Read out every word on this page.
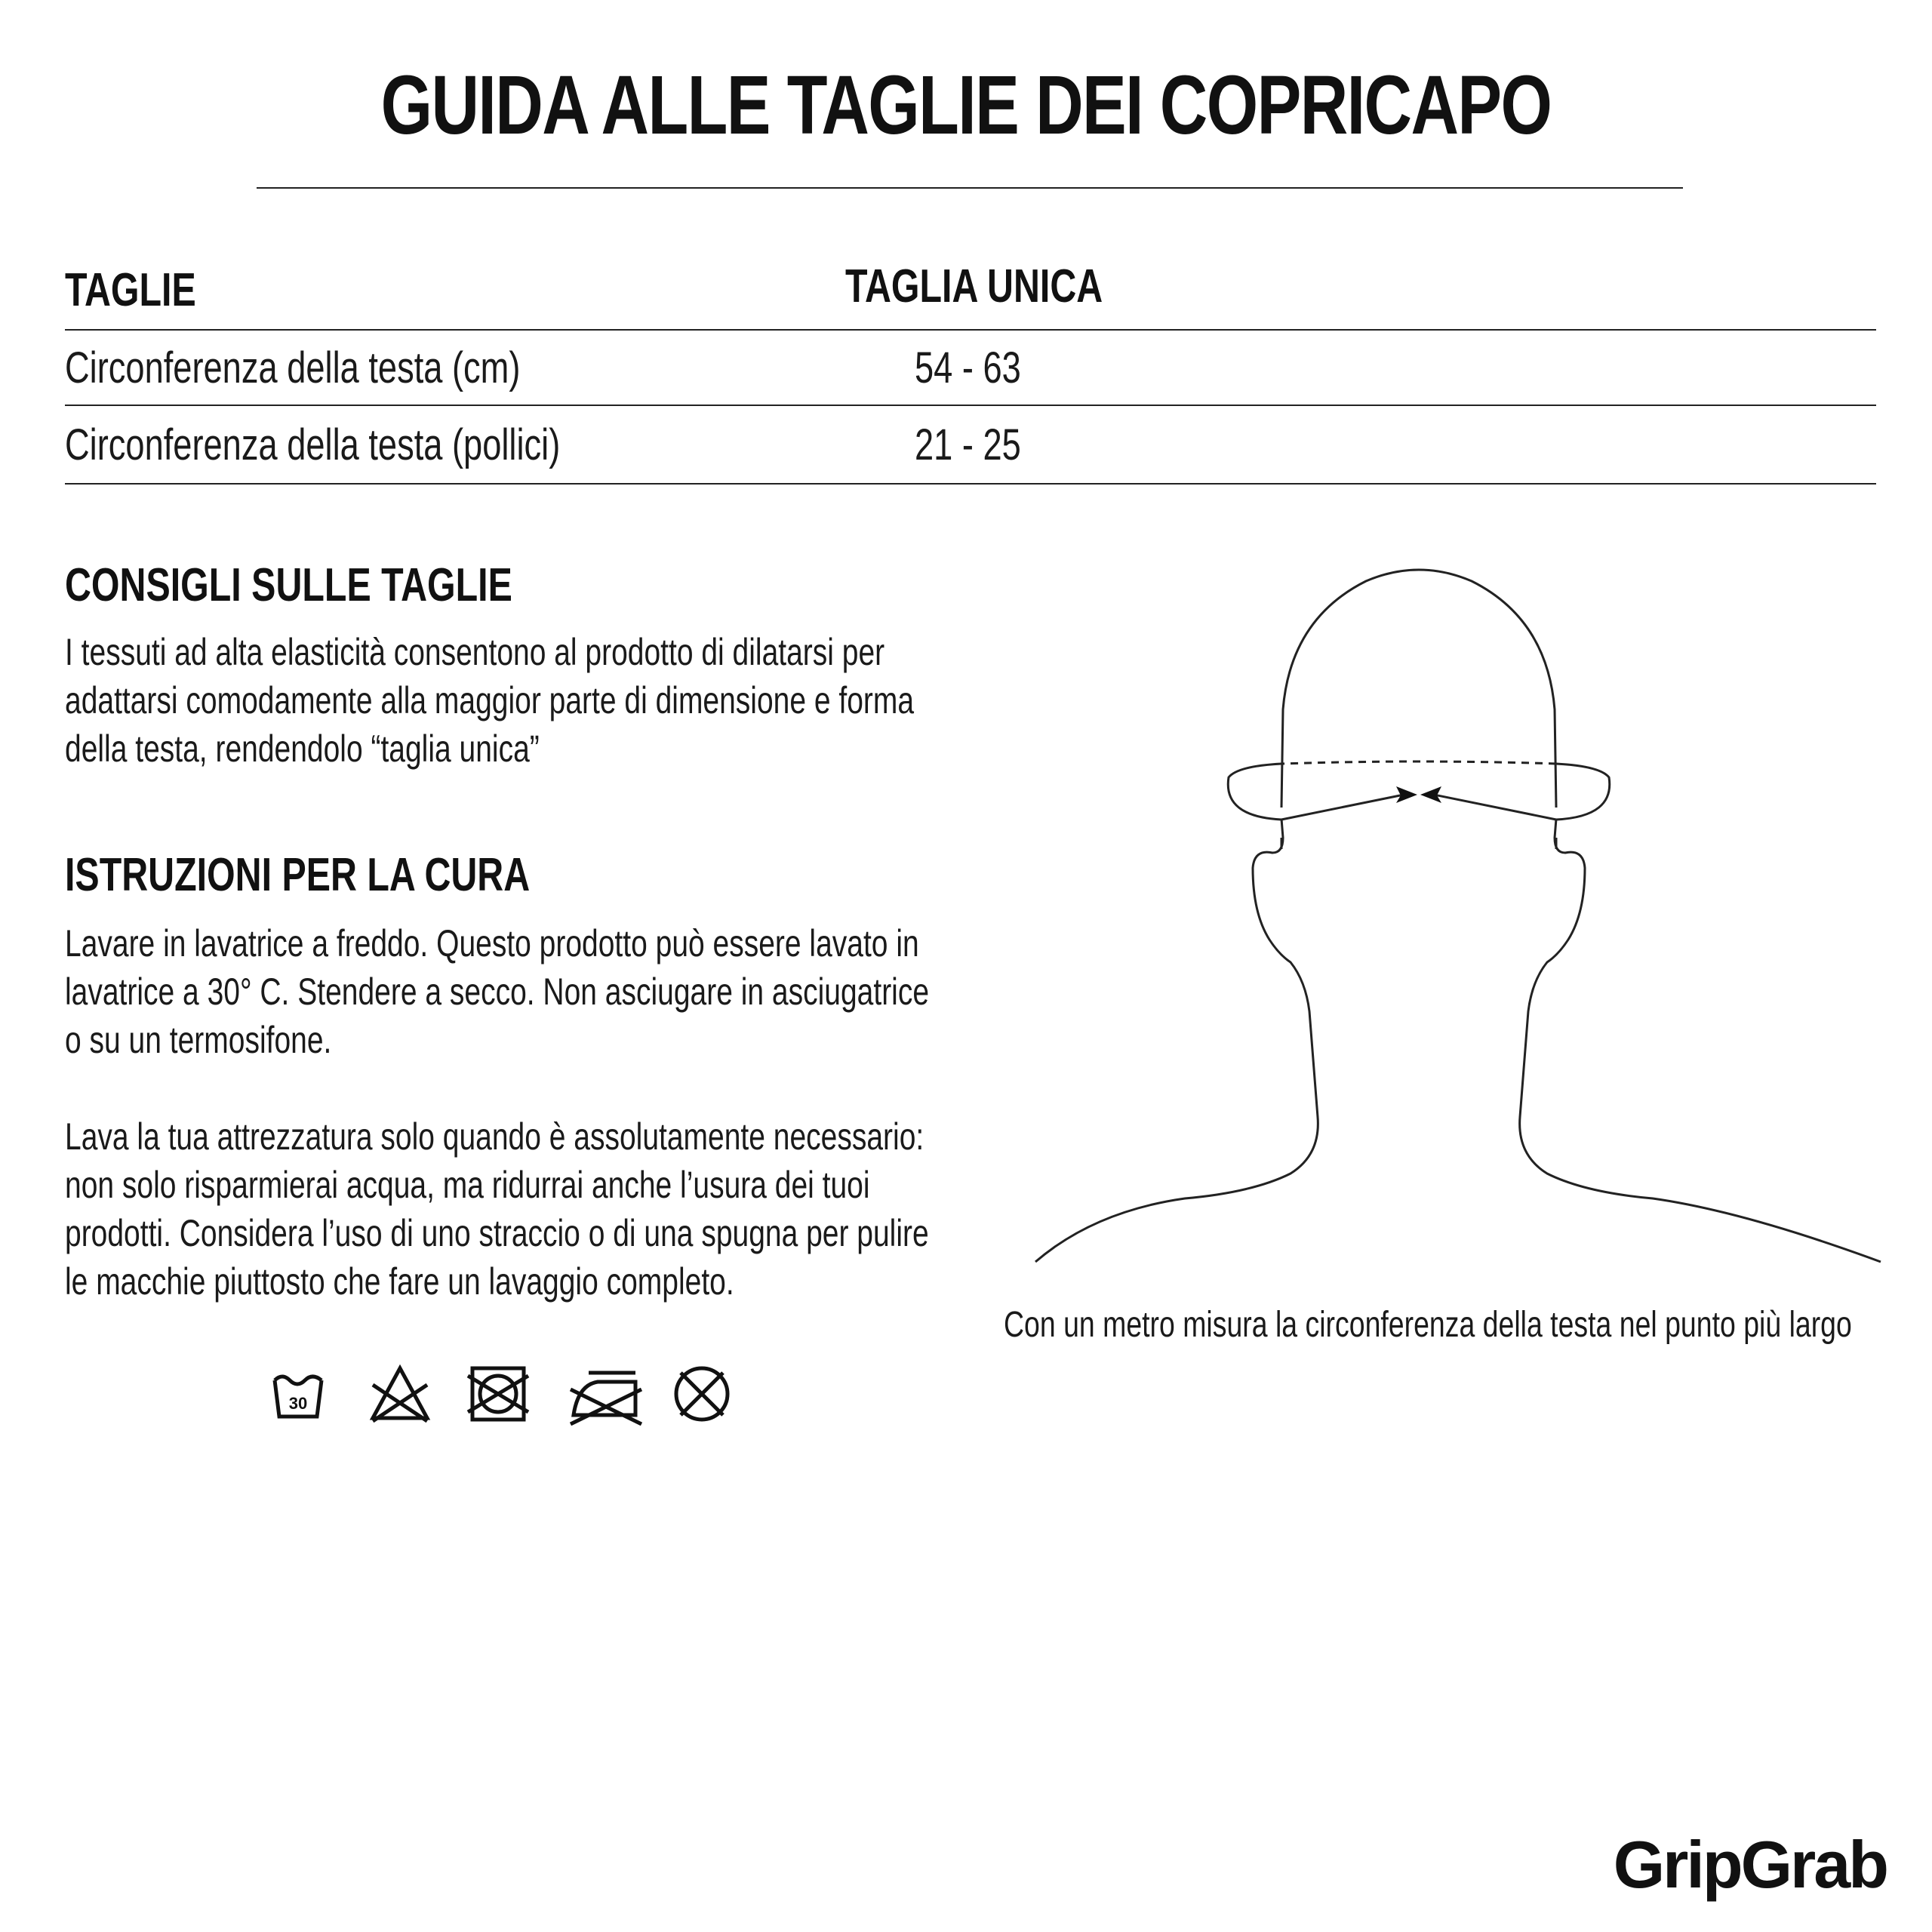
GUIDA ALLE TAGLIE DEI COPRICAPO
TAGLIE	TAGLIA UNICA
Circonferenza della testa (cm)	54 - 63
Circonferenza della testa (pollici)	21 - 25
CONSIGLI SULLE TAGLIE
I tessuti ad alta elasticità consentono al prodotto di dilatarsi per
adattarsi comodamente alla maggior parte di dimensione e forma
della testa, rendendolo “taglia unica”
ISTRUZIONI PER LA CURA
Lavare in lavatrice a freddo. Questo prodotto può essere lavato in
lavatrice a 30° C. Stendere a secco. Non asciugare in asciugatrice
o su un termosifone.
Lava la tua attrezzatura solo quando è assolutamente necessario:
non solo risparmierai acqua, ma ridurrai anche l’usura dei tuoi
prodotti. Considera l’uso di uno straccio o di una spugna per pulire
le macchie piuttosto che fare un lavaggio completo.
30
Con un metro misura la circonferenza della testa nel punto più largo
GripGrab
